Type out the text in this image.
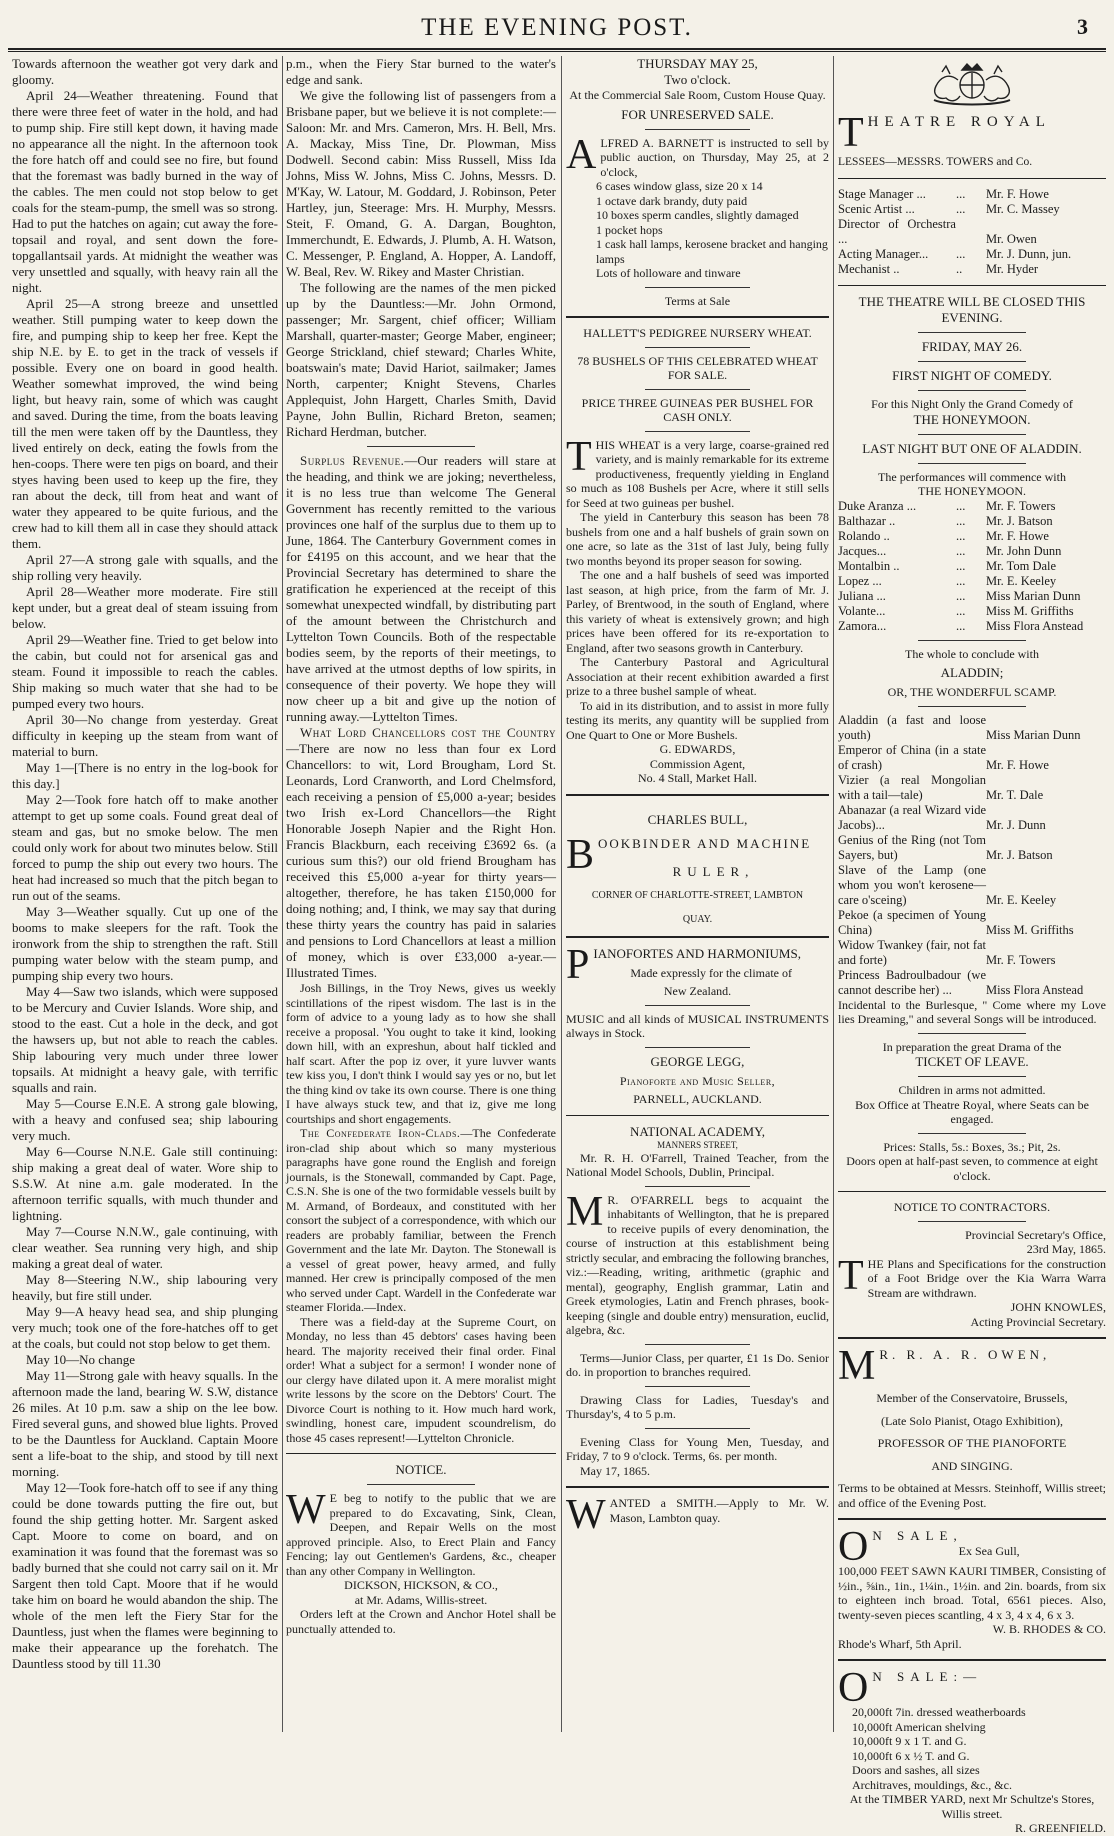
THE EVENING POST.	3

Towards afternoon the weather got very dark and gloomy.

April 24—Weather threatening. Found that there were three feet of water in the hold, and had to pump ship. Fire still kept down, it having made no appearance all the night. In the afternoon took the fore hatch off and could see no fire, but found that the foremast was badly burned in the way of the cables. The men could not stop below to get coals for the steam-pump, the smell was so strong. Had to put the hatches on again; cut away the fore-topsail and royal, and sent down the fore-topgallantsail yards. At midnight the weather was very unsettled and squally, with heavy rain all the night.

April 25—A strong breeze and unsettled weather. Still pumping water to keep down the fire, and pumping ship to keep her free. Kept the ship N.E. by E. to get in the track of vessels if possible. Every one on board in good health. Weather somewhat improved, the wind being light, but heavy rain, some of which was caught and saved. During the time, from the boats leaving till the men were taken off by the Dauntless, they lived entirely on deck, eating the fowls from the hen-coops. There were ten pigs on board, and their styes having been used to keep up the fire, they ran about the deck, till from heat and want of water they appeared to be quite furious, and the crew had to kill them all in case they should attack them.

April 27—A strong gale with squalls, and the ship rolling very heavily.

April 28—Weather more moderate. Fire still kept under, but a great deal of steam issuing from below.

April 29—Weather fine. Tried to get below into the cabin, but could not for arsenical gas and steam. Found it impossible to reach the cables. Ship making so much water that she had to be pumped every two hours.

April 30—No change from yesterday. Great difficulty in keeping up the steam from want of material to burn.

May 1—[There is no entry in the log-book for this day.]

May 2—Took fore hatch off to make another attempt to get up some coals. Found great deal of steam and gas, but no smoke below. The men could only work for about two minutes below. Still forced to pump the ship out every two hours. The heat had increased so much that the pitch began to run out of the seams.

May 3—Weather squally. Cut up one of the booms to make sleepers for the raft. Took the ironwork from the ship to strengthen the raft. Still pumping water below with the steam pump, and pumping ship every two hours.

May 4—Saw two islands, which were supposed to be Mercury and Cuvier Islands. Wore ship, and stood to the east. Cut a hole in the deck, and got the hawsers up, but not able to reach the cables. Ship labouring very much under three lower topsails. At midnight a heavy gale, with terrific squalls and rain.

May 5—Course E.N.E. A strong gale blowing, with a heavy and confused sea; ship labouring very much.

May 6—Course N.N.E. Gale still continuing: ship making a great deal of water. Wore ship to S.S.W. At nine a.m. gale moderated. In the afternoon terrific squalls, with much thunder and lightning.

May 7—Course N.N.W., gale continuing, with clear weather. Sea running very high, and ship making a great deal of water.

May 8—Steering N.W., ship labouring very heavily, but fire still under.

May 9—A heavy head sea, and ship plunging very much; took one of the fore-hatches off to get at the coals, but could not stop below to get them.

May 10—No change

May 11—Strong gale with heavy squalls. In the afternoon made the land, bearing W. S.W, distance 26 miles. At 10 p.m. saw a ship on the lee bow. Fired several guns, and showed blue lights. Proved to be the Dauntless for Auckland. Captain Moore sent a life-boat to the ship, and stood by till next morning.

May 12—Took fore-hatch off to see if any thing could be done towards putting the fire out, but found the ship getting hotter. Mr. Sargent asked Capt. Moore to come on board, and on examination it was found that the foremast was so badly burned that she could not carry sail on it. Mr Sargent then told Capt. Moore that if he would take him on board he would abandon the ship. The whole of the men left the Fiery Star for the Dauntless, just when the flames were beginning to make their appearance up the forehatch. The Dauntless stood by till 11.30

p.m., when the Fiery Star burned to the water's edge and sank.

We give the following list of passengers from a Brisbane paper, but we believe it is not complete:—Saloon: Mr. and Mrs. Cameron, Mrs. H. Bell, Mrs. A. Mackay, Miss Tine, Dr. Plowman, Miss Dodwell. Second cabin: Miss Russell, Miss Ida Johns, Miss W. Johns, Miss C. Johns, Messrs. D. M'Kay, W. Latour, M. Goddard, J. Robinson, Peter Hartley, jun, Steerage: Mrs. H. Murphy, Messrs. Steit, F. Omand, G. A. Dargan, Boughton, Immerchundt, E. Edwards, J. Plumb, A. H. Watson, C. Messenger, P. England, A. Hopper, A. Landoff, W. Beal, Rev. W. Rikey and Master Christian.

The following are the names of the men picked up by the Dauntless:—Mr. John Ormond, passenger; Mr. Sargent, chief officer; William Marshall, quarter-master; George Maber, engineer; George Strickland, chief steward; Charles White, boatswain's mate; David Hariot, sailmaker; James North, carpenter; Knight Stevens, Charles Applequist, John Hargett, Charles Smith, David Payne, John Bullin, Richard Breton, seamen; Richard Herdman, butcher.

Surplus Revenue.—Our readers will stare at the heading, and think we are joking; nevertheless, it is no less true than welcome The General Government has recently remitted to the various provinces one half of the surplus due to them up to June, 1864. The Canterbury Government comes in for £4195 on this account, and we hear that the Provincial Secretary has determined to share the gratification he experienced at the receipt of this somewhat unexpected windfall, by distributing part of the amount between the Christchurch and Lyttelton Town Councils. Both of the respectable bodies seem, by the reports of their meetings, to have arrived at the utmost depths of low spirits, in consequence of their poverty. We hope they will now cheer up a bit and give up the notion of running away.—Lyttelton Times.

What Lord Chancellors cost the Country—There are now no less than four ex Lord Chancellors: to wit, Lord Brougham, Lord St. Leonards, Lord Cranworth, and Lord Chelmsford, each receiving a pension of £5,000 a-year; besides two Irish ex-Lord Chancellors—the Right Honorable Joseph Napier and the Right Hon. Francis Blackburn, each receiving £3692 6s. (a curious sum this?) our old friend Brougham has received this £5,000 a-year for thirty years—altogether, therefore, he has taken £150,000 for doing nothing; and, I think, we may say that during these thirty years the country has paid in salaries and pensions to Lord Chancellors at least a million of money, which is over £33,000 a-year.—Illustrated Times.

Josh Billings, in the Troy News, gives us weekly scintillations of the ripest wisdom. The last is in the form of advice to a young lady as to how she shall receive a proposal. 'You ought to take it kind, looking down hill, with an expreshun, about half tickled and half scart. After the pop iz over, it yure luvver wants tew kiss you, I don't think I would say yes or no, but let the thing kind ov take its own course. There is one thing I have always stuck tew, and that iz, give me long courtships and short engagements.

The Confederate Iron-Clads.—The Confederate iron-clad ship about which so many mysterious paragraphs have gone round the English and foreign journals, is the Stonewall, commanded by Capt. Page, C.S.N. She is one of the two formidable vessels built by M. Armand, of Bordeaux, and constituted with her consort the subject of a correspondence, with which our readers are probably familiar, between the French Government and the late Mr. Dayton. The Stonewall is a vessel of great power, heavy armed, and fully manned. Her crew is principally composed of the men who served under Capt. Wardell in the Confederate war steamer Florida.—Index.

There was a field-day at the Supreme Court, on Monday, no less than 45 debtors' cases having been heard. The majority received their final order. Final order! What a subject for a sermon! I wonder none of our clergy have dilated upon it. A mere moralist might write lessons by the score on the Debtors' Court. The Divorce Court is nothing to it. How much hard work, swindling, honest care, impudent scoundrelism, do those 45 cases represent!—Lyttelton Chronicle.

NOTICE.

W E beg to notify to the public that we are prepared to do Excavating, Sink, Clean, Deepen, and Repair Wells on the most approved principle. Also, to Erect Plain and Fancy Fencing; lay out Gentlemen's Gardens, &c., cheaper than any other Company in Wellington.

DICKSON, HICKSON, & CO.,

at Mr. Adams, Willis-street.

Orders left at the Crown and Anchor Hotel shall be punctually attended to.

THURSDAY MAY 25,

Two o'clock.

At the Commercial Sale Room, Custom House Quay.

FOR UNRESERVED SALE.

ALFRED A. BARNETT is instructed to sell by public auction, on Thursday, May 25, at 2 o'clock,

6 cases window glass, size 20 x 14
1 octave dark brandy, duty paid
10 boxes sperm candles, slightly damaged
1 pocket hops
1 cask hall lamps, kerosene bracket and hanging lamps
Lots of holloware and tinware

Terms at Sale

HALLETT'S PEDIGREE NURSERY WHEAT.

78 BUSHELS OF THIS CELEBRATED WHEAT FOR SALE.

PRICE THREE GUINEAS PER BUSHEL FOR CASH ONLY.

THIS WHEAT is a very large, coarse-grained red variety, and is mainly remarkable for its extreme productiveness, frequently yielding in England so much as 108 Bushels per Acre, where it still sells for Seed at two guineas per bushel.

The yield in Canterbury this season has been 78 bushels from one and a half bushels of grain sown on one acre, so late as the 31st of last July, being fully two months beyond its proper season for sowing.

The one and a half bushels of seed was imported last season, at high price, from the farm of Mr. J. Parley, of Brentwood, in the south of England, where this variety of wheat is extensively grown; and high prices have been offered for its re-exportation to England, after two seasons growth in Canterbury.

The Canterbury Pastoral and Agricultural Association at their recent exhibition awarded a first prize to a three bushel sample of wheat.

To aid in its distribution, and to assist in more fully testing its merits, any quantity will be supplied from One Quart to One or More Bushels.

G. EDWARDS,

Commission Agent,

No. 4 Stall, Market Hall.

CHARLES BULL,

BOOKBINDER AND MACHINE

RULER,

CORNER OF CHARLOTTE-STREET, LAMBTON

QUAY.

PIANOFORTES AND HARMONIUMS,

Made expressly for the climate of

New Zealand.

MUSIC and all kinds of MUSICAL INSTRUMENTS always in Stock.

GEORGE LEGG,

Pianoforte and Music Seller,

PARNELL, AUCKLAND.

NATIONAL ACADEMY,

MANNERS STREET,

Mr. R. H. O'Farrell, Trained Teacher, from the National Model Schools, Dublin, Principal.

M R. O'FARRELL begs to acquaint the inhabitants of Wellington, that he is prepared to receive pupils of every denomination, the course of instruction at this establishment being strictly secular, and embracing the following branches, viz.:—Reading, writing, arithmetic (graphic and mental), geography, English grammar, Latin and Greek etymologies, Latin and French phrases, book-keeping (single and double entry) mensuration, euclid, algebra, &c.

Terms—Junior Class, per quarter, £1 1s Do. Senior do. in proportion to branches required.

Drawing Class for Ladies, Tuesday's and Thursday's, 4 to 5 p.m.

Evening Class for Young Men, Tuesday, and Friday, 7 to 9 o'clock. Terms, 6s. per month.

May 17, 1865.

WANTED a SMITH.—Apply to Mr. W. Mason, Lambton quay.

THEATRE ROYAL

LESSEES—MESSRS. TOWERS and Co.

Stage Manager ...	...	Mr. F. Howe
Scenic Artist ...	...	Mr. C. Massey
Director of Orchestra ...		Mr. Owen
Acting Manager...	...	Mr. J. Dunn, jun.
Mechanist ..	..	Mr. Hyder

THE THEATRE WILL BE CLOSED THIS EVENING.

FRIDAY, MAY 26.

FIRST NIGHT OF COMEDY.

For this Night Only the Grand Comedy of

THE HONEYMOON.

LAST NIGHT BUT ONE OF ALADDIN.

The performances will commence with

THE HONEYMOON.

Duke Aranza ...	...	Mr. F. Towers
Balthazar ..	...	Mr. J. Batson
Rolando ..	...	Mr. F. Howe
Jacques...	...	Mr. John Dunn
Montalbin ..	...	Mr. Tom Dale
Lopez ...	...	Mr. E. Keeley
Juliana ...	...	Miss Marian Dunn
Volante...	...	Miss M. Griffiths
Zamora...	...	Miss Flora Anstead

The whole to conclude with

ALADDIN;

OR, THE WONDERFUL SCAMP.

Aladdin (a fast and loose youth)	Miss Marian Dunn
Emperor of China (in a state of crash)	Mr. F. Howe
Vizier (a real Mongolian with a tail—tale)	Mr. T. Dale
Abanazar (a real Wizard vide Jacobs)...	Mr. J. Dunn
Genius of the Ring (not Tom Sayers, but)	Mr. J. Batson
Slave of the Lamp (one whom you won't kerosene—care o'sceing)	Mr. E. Keeley
Pekoe (a specimen of Young China)	Miss M. Griffiths
Widow Twankey (fair, not fat and forte)	Mr. F. Towers
Princess Badroulbadour (we cannot describe her) ...	Miss Flora Anstead

Incidental to the Burlesque, " Come where my Love lies Dreaming," and several Songs will be introduced.

In preparation the great Drama of the

TICKET OF LEAVE.

Children in arms not admitted.

Box Office at Theatre Royal, where Seats can be engaged.

Prices: Stalls, 5s.: Boxes, 3s.; Pit, 2s.

Doors open at half-past seven, to commence at eight o'clock.

NOTICE TO CONTRACTORS.

Provincial Secretary's Office,

23rd May, 1865.

THE Plans and Specifications for the construction of a Foot Bridge over the Kia Warra Warra Stream are withdrawn.

JOHN KNOWLES,

Acting Provincial Secretary.

M R. R. A. R. OWEN,

Member of the Conservatoire, Brussels,

(Late Solo Pianist, Otago Exhibition),

PROFESSOR OF THE PIANOFORTE

AND SINGING.

Terms to be obtained at Messrs. Steinhoff, Willis street; and office of the Evening Post.

O N SALE,

Ex Sea Gull,

100,000 FEET SAWN KAURI TIMBER, Consisting of ½in., ⅝in., 1in., 1¼in., 1½in. and 2in. boards, from six to eighteen inch broad. Total, 6561 pieces. Also, twenty-seven pieces scantling, 4 x 3, 4 x 4, 6 x 3.

W. B. RHODES & CO.

Rhode's Wharf, 5th April.

O N SALE:—

20,000ft 7in. dressed weatherboards
10,000ft American shelving
10,000ft 9 x 1 T. and G.
10,000ft 6 x ½ T. and G.
Doors and sashes, all sizes
Architraves, mouldings, &c., &c.

At the TIMBER YARD, next Mr Schultze's Stores, Willis street.

R. GREENFIELD.
